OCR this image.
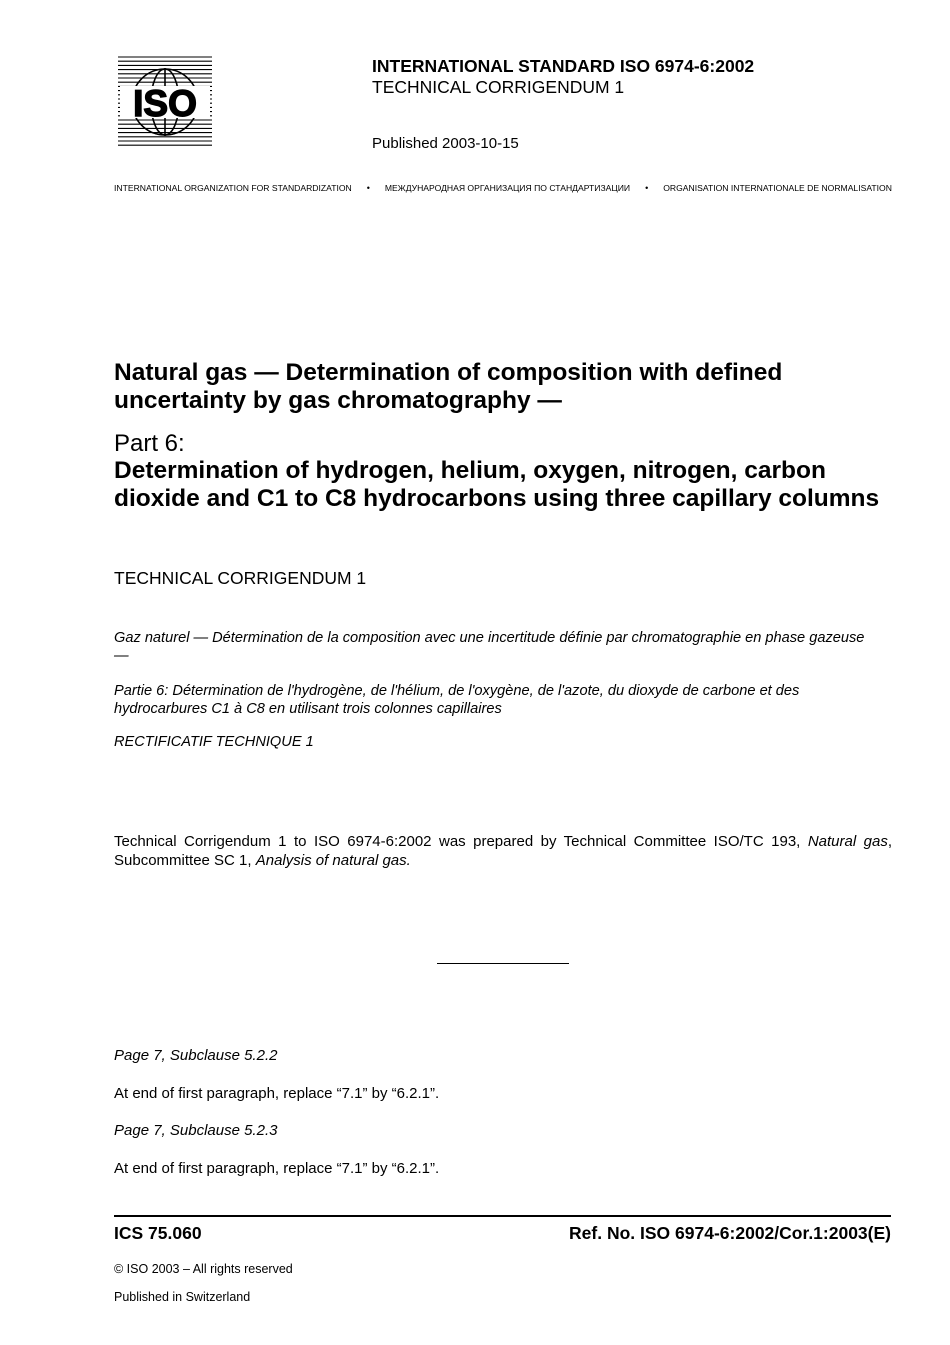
ISO
INTERNATIONAL STANDARD ISO 6974-6:2002
TECHNICAL CORRIGENDUM 1
Published 2003-10-15
INTERNATIONAL ORGANIZATION FOR STANDARDIZATION • МЕЖДУНАРОДНАЯ ОРГАНИЗАЦИЯ ПО СТАНДАРТИЗАЦИИ • ORGANISATION INTERNATIONALE DE NORMALISATION
Natural gas — Determination of composition with defined uncertainty by gas chromatography —
Part 6:
Determination of hydrogen, helium, oxygen, nitrogen, carbon dioxide and C1 to C8 hydrocarbons using three capillary columns
TECHNICAL CORRIGENDUM 1
Gaz naturel — Détermination de la composition avec une incertitude définie par chromatographie en phase gazeuse —
Partie 6: Détermination de l'hydrogène, de l'hélium, de l'oxygène, de l'azote, du dioxyde de carbone et des hydrocarbures C1 à C8 en utilisant trois colonnes capillaires
RECTIFICATIF TECHNIQUE 1
Technical Corrigendum 1 to ISO 6974-6:2002 was prepared by Technical Committee ISO/TC 193, Natural gas, Subcommittee SC 1, Analysis of natural gas.
Page 7, Subclause 5.2.2
At end of first paragraph, replace “7.1” by “6.2.1”.
Page 7, Subclause 5.2.3
At end of first paragraph, replace “7.1” by “6.2.1”.
ICS 75.060	Ref. No. ISO 6974-6:2002/Cor.1:2003(E)
© ISO 2003 – All rights reserved
Published in Switzerland
